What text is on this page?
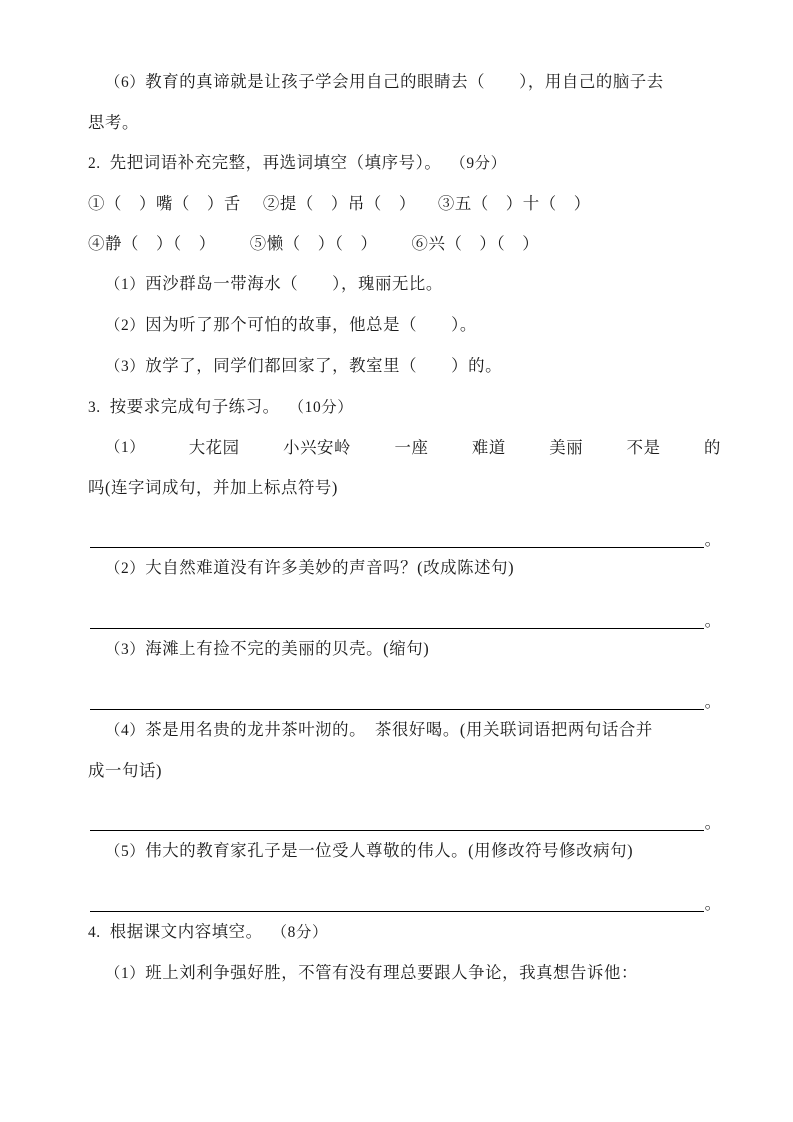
（6）教育的真谛就是让孩子学会用自己的眼睛去（　　），用自己的脑子去
思考。
2. 先把词语补充完整，再选词填空（填序号）。 （9分）
①（　）嘴（　）舌 ②提（　）吊（　） ③五（　）十（　）
④静（　）（　） ⑤懒（　）（　） ⑥兴（　）（　）
（1）西沙群岛一带海水（　　），瑰丽无比。
（2）因为听了那个可怕的故事，他总是（　　）。
（3）放学了，同学们都回家了，教室里（　　）的。
3. 按要求完成句子练习。 （10分）
（1）	大花园	小兴安岭	一座	难道	美丽	不是	的
吗(连字词成句，并加上标点符号)
。
（2）大自然难道没有许多美妙的声音吗？(改成陈述句)
。
（3）海滩上有捡不完的美丽的贝壳。(缩句)
。
（4）茶是用名贵的龙井茶叶沏的。　茶很好喝。(用关联词语把两句话合并
成一句话)
。
（5）伟大的教育家孔子是一位受人尊敬的伟人。(用修改符号修改病句)
。
4. 根据课文内容填空。 （8分）
（1）班上刘利争强好胜，不管有没有理总要跟人争论，我真想告诉他：
